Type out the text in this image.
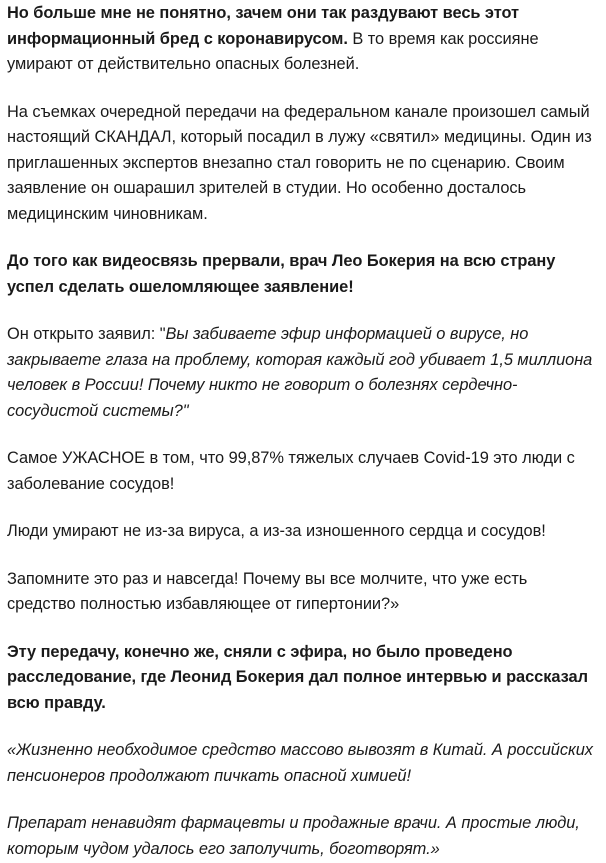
Но больше мне не понятно, зачем они так раздувают весь этот информационный бред с коронавирусом. В то время как россияне умирают от действительно опасных болезней.

На съемках очередной передачи на федеральном канале произошел самый настоящий СКАНДАЛ, который посадил в лужу «святил» медицины. Один из приглашенных экспертов внезапно стал говорить не по сценарию. Своим заявление он ошарашил зрителей в студии. Но особенно досталось медицинским чиновникам.

До того как видеосвязь прервали, врач Лео Бокерия на всю страну успел сделать ошеломляющее заявление!

Он открыто заявил: "Вы забиваете эфир информацией о вирусе, но закрываете глаза на проблему, которая каждый год убивает 1,5 миллиона человек в России! Почему никто не говорит о болезнях сердечно-сосудистой системы?"

Самое УЖАСНОЕ в том, что 99,87% тяжелых случаев Covid-19 это люди с заболевание сосудов!

Люди умирают не из-за вируса, а из-за изношенного сердца и сосудов!

Запомните это раз и навсегда! Почему вы все молчите, что уже есть средство полностью избавляющее от гипертонии?»

Эту передачу, конечно же, сняли с эфира, но было проведено расследование, где Леонид Бокерия дал полное интервью и рассказал всю правду.

«Жизненно необходимое средство массово вывозят в Китай. А российских пенсионеров продолжают пичкать опасной химией!

Препарат ненавидят фармацевты и продажные врачи. А простые люди, которым чудом удалось его заполучить, боготворят.»
